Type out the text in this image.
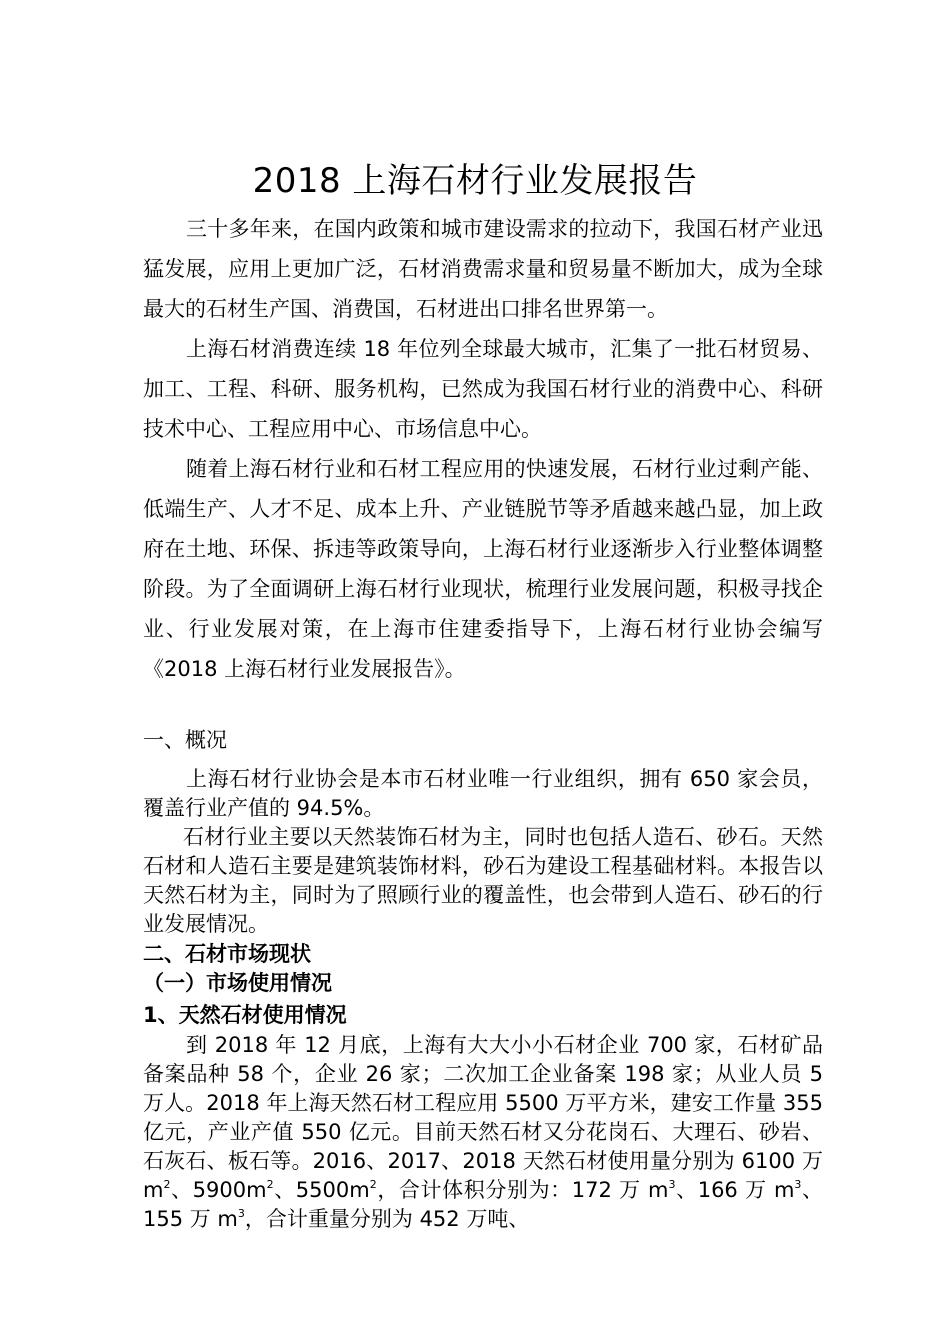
2018 上海石材行业发展报告

三十多年来，在国内政策和城市建设需求的拉动下，我国石材产业迅猛发展，应用上更加广泛，石材消费需求量和贸易量不断加大，成为全球最大的石材生产国、消费国，石材进出口排名世界第一。

上海石材消费连续 18 年位列全球最大城市，汇集了一批石材贸易、加工、工程、科研、服务机构，已然成为我国石材行业的消费中心、科研技术中心、工程应用中心、市场信息中心。

随着上海石材行业和石材工程应用的快速发展，石材行业过剩产能、低端生产、人才不足、成本上升、产业链脱节等矛盾越来越凸显，加上政府在土地、环保、拆违等政策导向，上海石材行业逐渐步入行业整体调整阶段。为了全面调研上海石材行业现状，梳理行业发展问题，积极寻找企业、行业发展对策，在上海市住建委指导下，上海石材行业协会编写《2018 上海石材行业发展报告》。

一、概况

上海石材行业协会是本市石材业唯一行业组织，拥有 650 家会员，覆盖行业产值的 94.5%。

石材行业主要以天然装饰石材为主，同时也包括人造石、砂石。天然石材和人造石主要是建筑装饰材料，砂石为建设工程基础材料。本报告以天然石材为主，同时为了照顾行业的覆盖性，也会带到人造石、砂石的行业发展情况。

二、石材市场现状
（一）市场使用情况
1、天然石材使用情况

到 2018 年 12 月底，上海有大大小小石材企业 700 家，石材矿品备案品种 58 个，企业 26 家；二次加工企业备案 198 家；从业人员 5 万人。2018 年上海天然石材工程应用 5500 万平方米，建安工作量 355 亿元，产业产值 550 亿元。目前天然石材又分花岗石、大理石、砂岩、石灰石、板石等。2016、2017、2018 天然石材使用量分别为 6100 万 $m^2$、$5900m^2$、$5500m^2$，合计体积分别为：172 万 $m^3$、166 万 $m^3$、155 万 $m^3$，合计重量分别为 452 万吨、
